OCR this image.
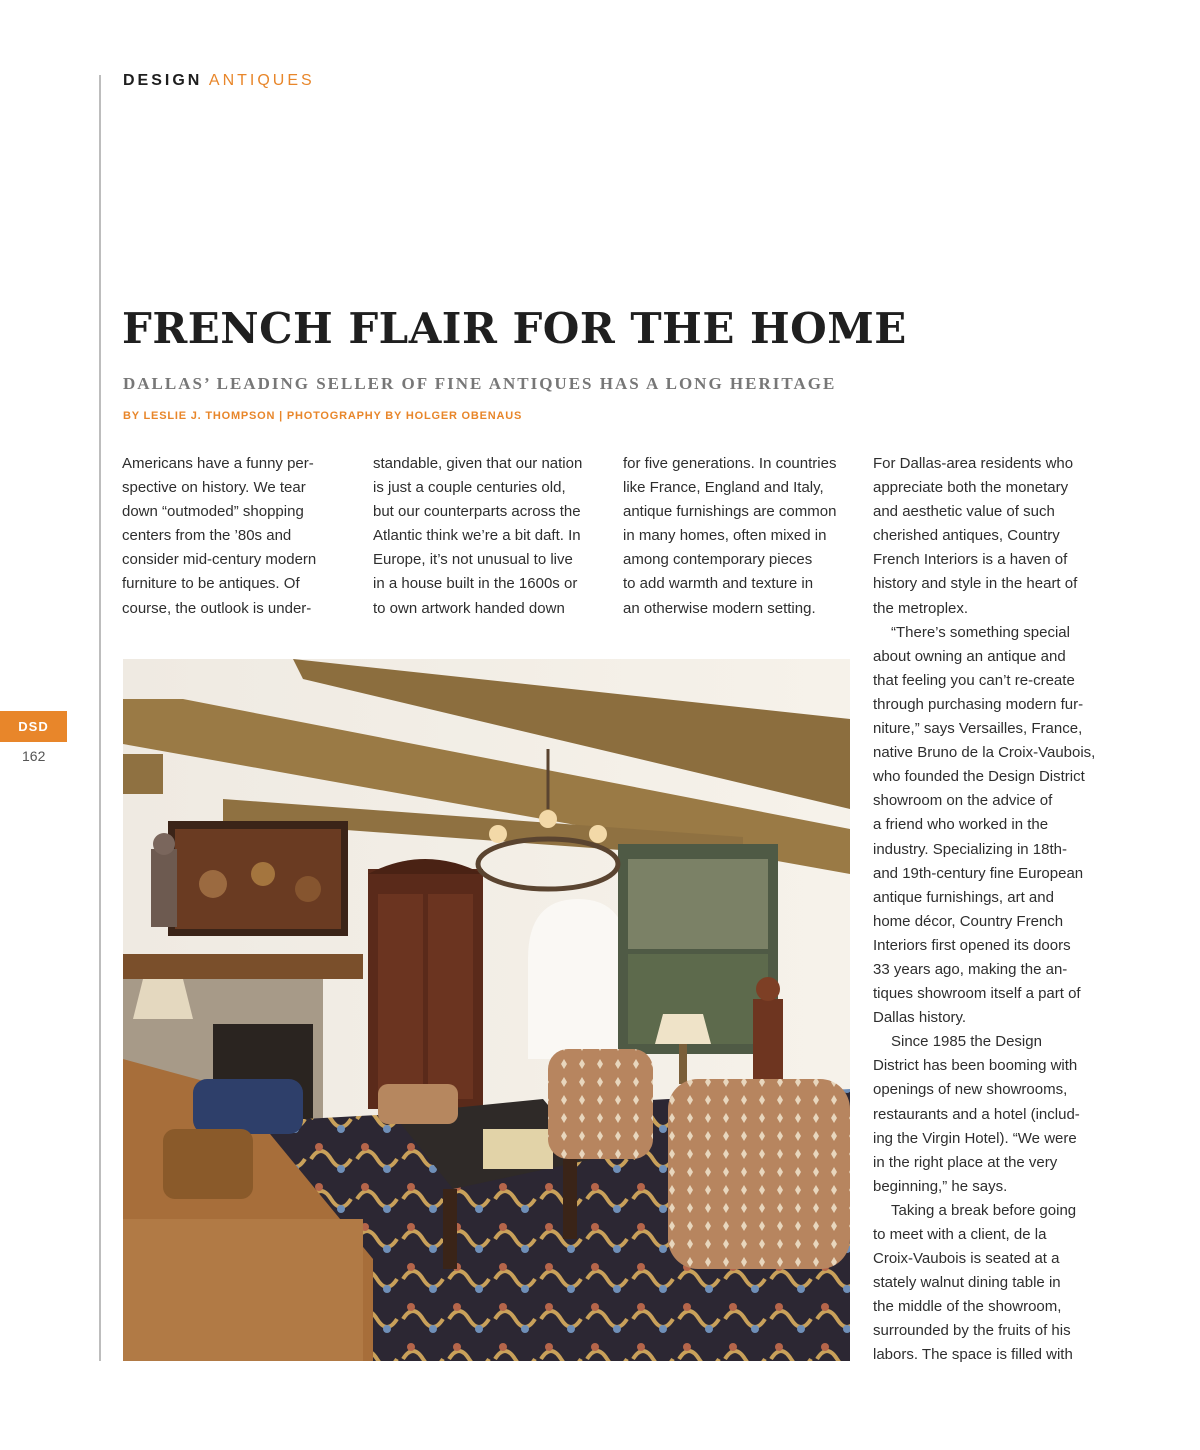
DESIGN ANTIQUES
FRENCH FLAIR FOR THE HOME
DALLAS’ LEADING SELLER OF FINE ANTIQUES HAS A LONG HERITAGE
BY LESLIE J. THOMPSON | PHOTOGRAPHY BY HOLGER OBENAUS
Americans have a funny per-
spective on history. We tear
down “outmoded” shopping
centers from the ’80s and
consider mid-century modern
furniture to be antiques. Of
course, the outlook is under-
standable, given that our nation
is just a couple centuries old,
but our counterparts across the
Atlantic think we’re a bit daft. In
Europe, it’s not unusual to live
in a house built in the 1600s or
to own artwork handed down
for five generations. In countries
like France, England and Italy,
antique furnishings are common
in many homes, often mixed in
among contemporary pieces
to add warmth and texture in
an otherwise modern setting.
For Dallas-area residents who
appreciate both the monetary
and aesthetic value of such
cherished antiques, Country
French Interiors is a haven of
history and style in the heart of
the metroplex.
“There’s something special
about owning an antique and
that feeling you can’t re-create
through purchasing modern fur-
niture,” says Versailles, France,
native Bruno de la Croix-Vaubois,
who founded the Design District
showroom on the advice of
a friend who worked in the
industry. Specializing in 18th-
and 19th-century fine European
antique furnishings, art and
home décor, Country French
Interiors first opened its doors
33 years ago, making the an-
tiques showroom itself a part of
Dallas history.
Since 1985 the Design
District has been booming with
openings of new showrooms,
restaurants and a hotel (includ-
ing the Virgin Hotel). “We were
in the right place at the very
beginning,” he says.
Taking a break before going
to meet with a client, de la
Croix-Vaubois is seated at a
stately walnut dining table in
the middle of the showroom,
surrounded by the fruits of his
labors. The space is filled with
DSD
162
